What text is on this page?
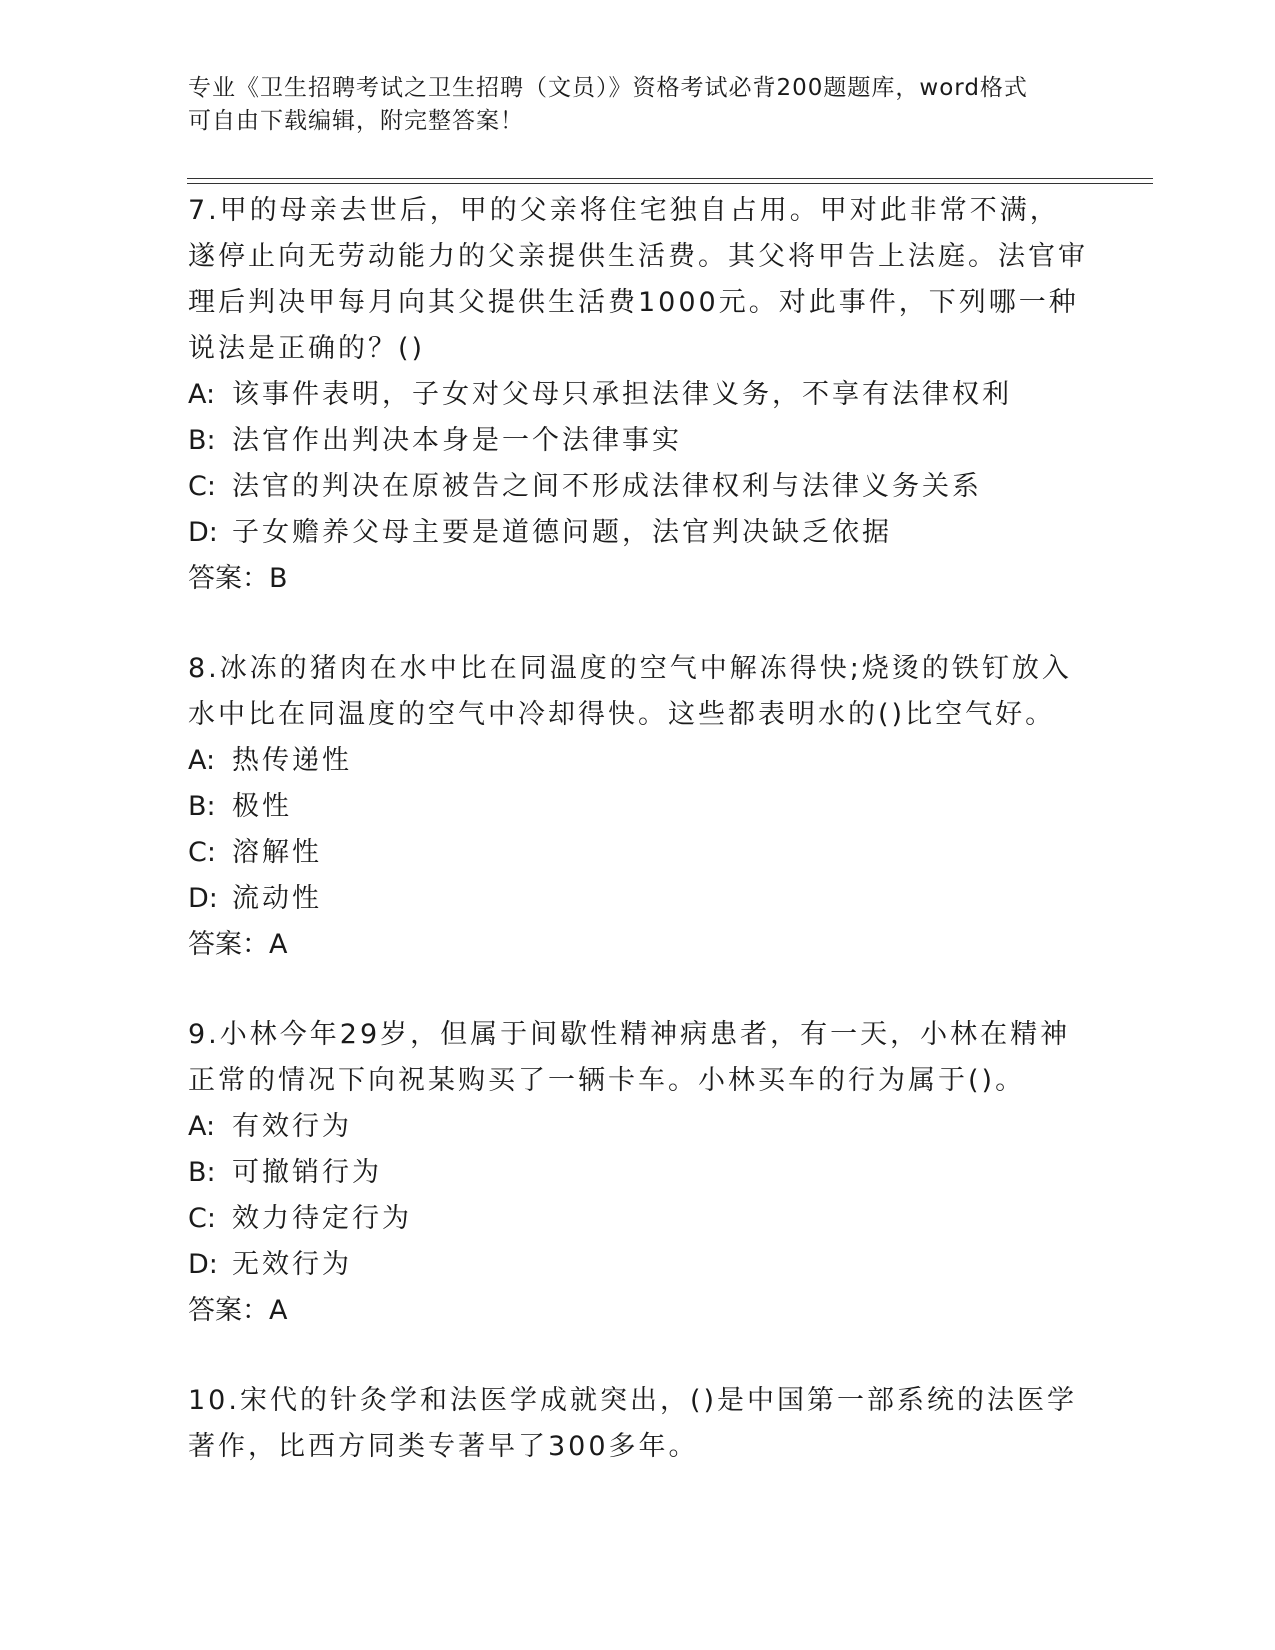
专业《卫生招聘考试之卫生招聘（文员）》资格考试必背200题题库，word格式
可自由下载编辑，附完整答案！

7.甲的母亲去世后，甲的父亲将住宅独自占用。甲对此非常不满，遂停止向无劳动能力的父亲提供生活费。其父将甲告上法庭。法官审理后判决甲每月向其父提供生活费1000元。对此事件，下列哪一种说法是正确的？()

A: 该事件表明，子女对父母只承担法律义务，不享有法律权利

B: 法官作出判决本身是一个法律事实

C: 法官的判决在原被告之间不形成法律权利与法律义务关系

D: 子女赡养父母主要是道德问题，法官判决缺乏依据

答案：B

8.冰冻的猪肉在水中比在同温度的空气中解冻得快;烧烫的铁钉放入水中比在同温度的空气中冷却得快。这些都表明水的()比空气好。

A: 热传递性

B: 极性

C: 溶解性

D: 流动性

答案：A

9.小林今年29岁，但属于间歇性精神病患者，有一天，小林在精神正常的情况下向祝某购买了一辆卡车。小林买车的行为属于()。

A: 有效行为

B: 可撤销行为

C: 效力待定行为

D: 无效行为

答案：A

10.宋代的针灸学和法医学成就突出，()是中国第一部系统的法医学著作，比西方同类专著早了300多年。
